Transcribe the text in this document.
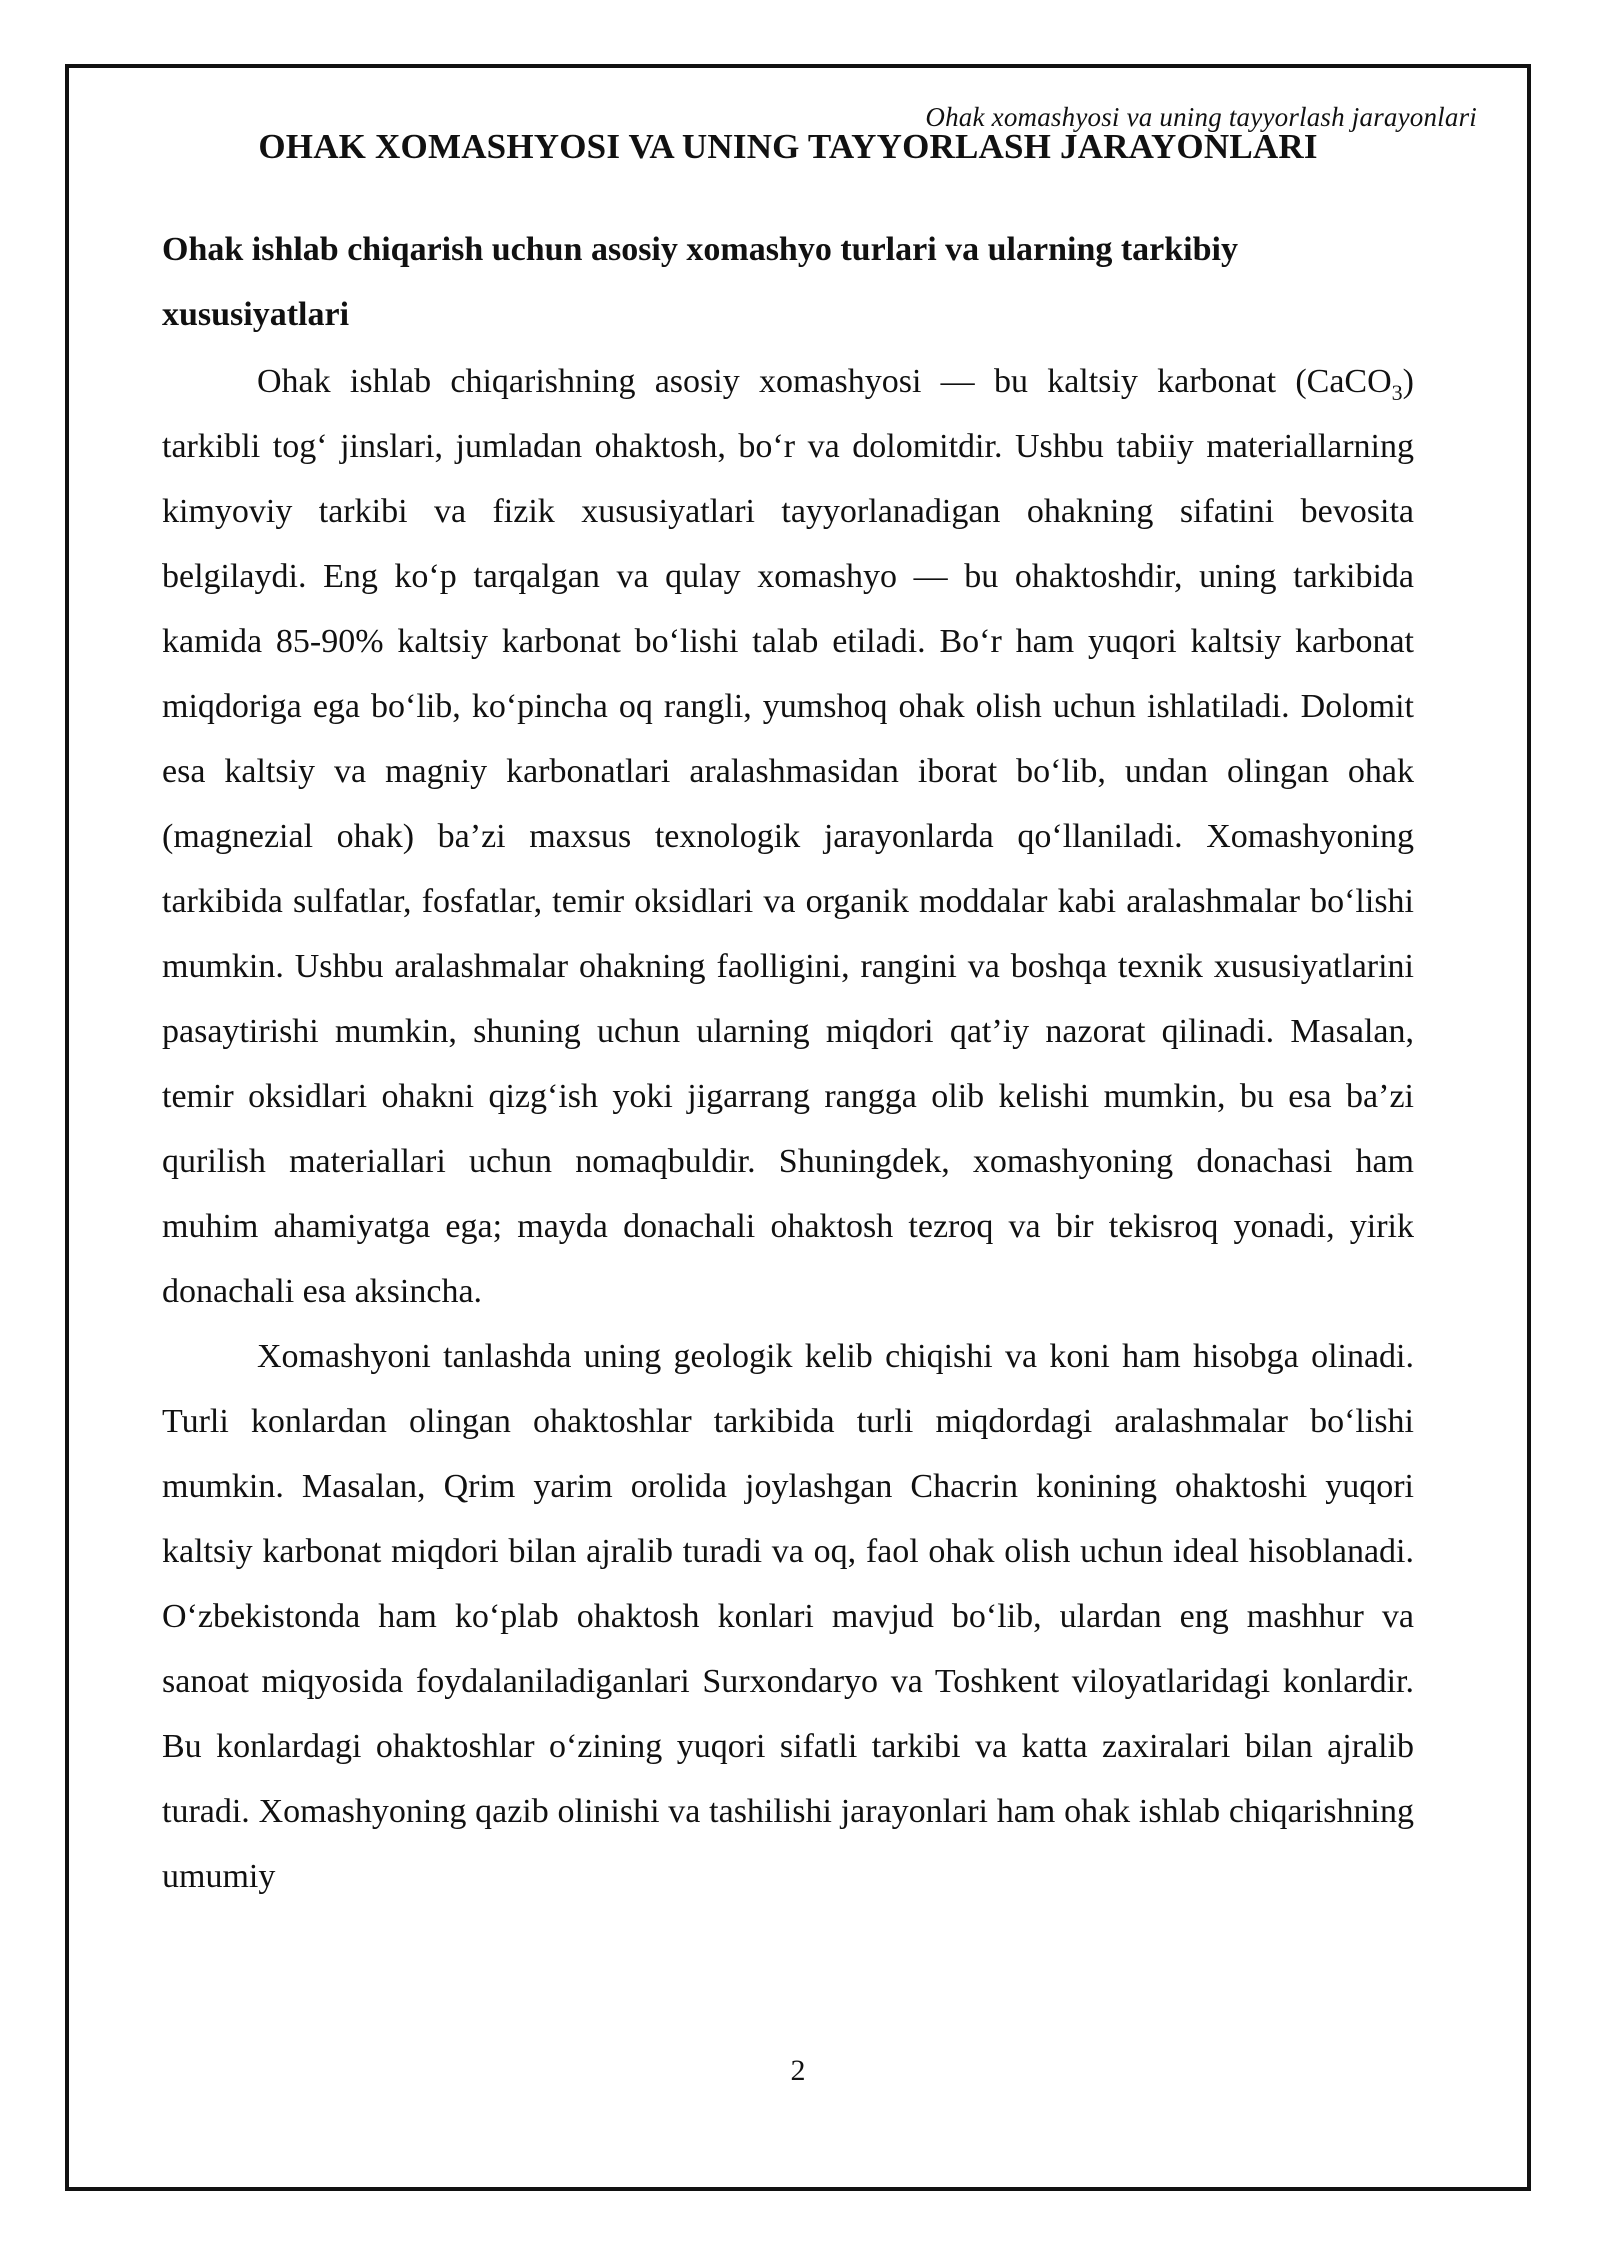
Ohak xomashyosi va uning tayyorlash jarayonlari
2
OHAK XOMASHYOSI VA UNING TAYYORLASH JARAYONLARI
Ohak ishlab chiqarish uchun asosiy xomashyo turlari va ularning tarkibiy xususiyatlari

Ohak ishlab chiqarishning asosiy xomashyosi — bu kaltsiy karbonat (CaCO$_3$) tarkibli tog‘ jinslari, jumladan ohaktosh, bo‘r va dolomitdir. Ushbu tabiiy materiallarning kimyoviy tarkibi va fizik xususiyatlari tayyorlanadigan ohakning sifatini bevosita belgilaydi. Eng ko‘p tarqalgan va qulay xomashyo — bu ohaktoshdir, uning tarkibida kamida 85-90% kaltsiy karbonat bo‘lishi talab etiladi. Bo‘r ham yuqori kaltsiy karbonat miqdoriga ega bo‘lib, ko‘pincha oq rangli, yumshoq ohak olish uchun ishlatiladi. Dolomit esa kaltsiy va magniy karbonatlari aralashmasidan iborat bo‘lib, undan olingan ohak (magnezial ohak) ba’zi maxsus texnologik jarayonlarda qo‘llaniladi. Xomashyoning tarkibida sulfatlar, fosfatlar, temir oksidlari va organik moddalar kabi aralashmalar bo‘lishi mumkin. Ushbu aralashmalar ohakning faolligini, rangini va boshqa texnik xususiyatlarini pasaytirishi mumkin, shuning uchun ularning miqdori qat’iy nazorat qilinadi. Masalan, temir oksidlari ohakni qizg‘ish yoki jigarrang rangga olib kelishi mumkin, bu esa ba’zi qurilish materiallari uchun nomaqbuldir. Shuningdek, xomashyoning donachasi ham muhim ahamiyatga ega; mayda donachali ohaktosh tezroq va bir tekisroq yonadi, yirik donachali esa aksincha.

Xomashyoni tanlashda uning geologik kelib chiqishi va koni ham hisobga olinadi. Turli konlardan olingan ohaktoshlar tarkibida turli miqdordagi aralashmalar bo‘lishi mumkin. Masalan, Qrim yarim orolida joylashgan Chacrin konining ohaktoshi yuqori kaltsiy karbonat miqdori bilan ajralib turadi va oq, faol ohak olish uchun ideal hisoblanadi. O‘zbekistonda ham ko‘plab ohaktosh konlari mavjud bo‘lib, ulardan eng mashhur va sanoat miqyosida foydalaniladiganlari Surxondaryo va Toshkent viloyatlaridagi konlardir. Bu konlardagi ohaktoshlar o‘zining yuqori sifatli tarkibi va katta zaxiralari bilan ajralib turadi. Xomashyoning qazib olinishi va tashilishi jarayonlari ham ohak ishlab chiqarishning umumiy
